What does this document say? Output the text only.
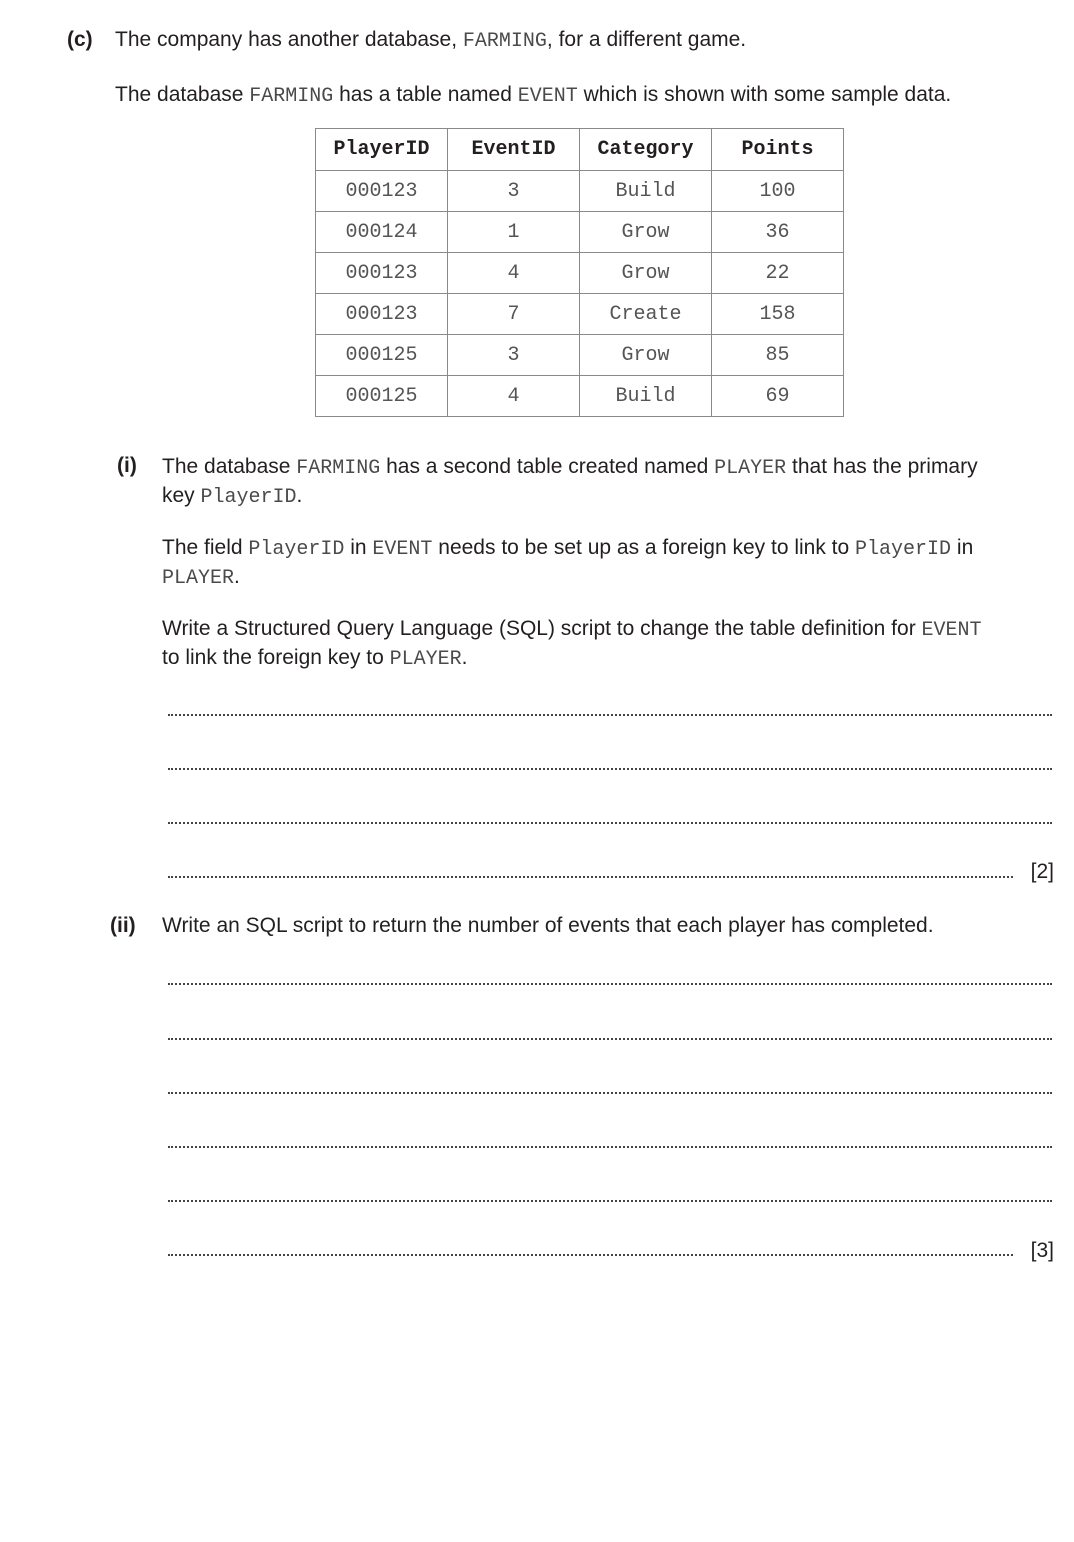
(c) The company has another database, FARMING, for a different game.
The database FARMING has a table named EVENT which is shown with some sample data.
PlayerID	EventID	Category	Points
000123	3	Build	100
000124	1	Grow	36
000123	4	Grow	22
000123	7	Create	158
000125	3	Grow	85
000125	4	Build	69
(i) The database FARMING has a second table created named PLAYER that has the primary
key PlayerID.
The field PlayerID in EVENT needs to be set up as a foreign key to link to PlayerID in
PLAYER.
Write a Structured Query Language (SQL) script to change the table definition for EVENT
to link the foreign key to PLAYER.
[2]
(ii) Write an SQL script to return the number of events that each player has completed.
[3]
